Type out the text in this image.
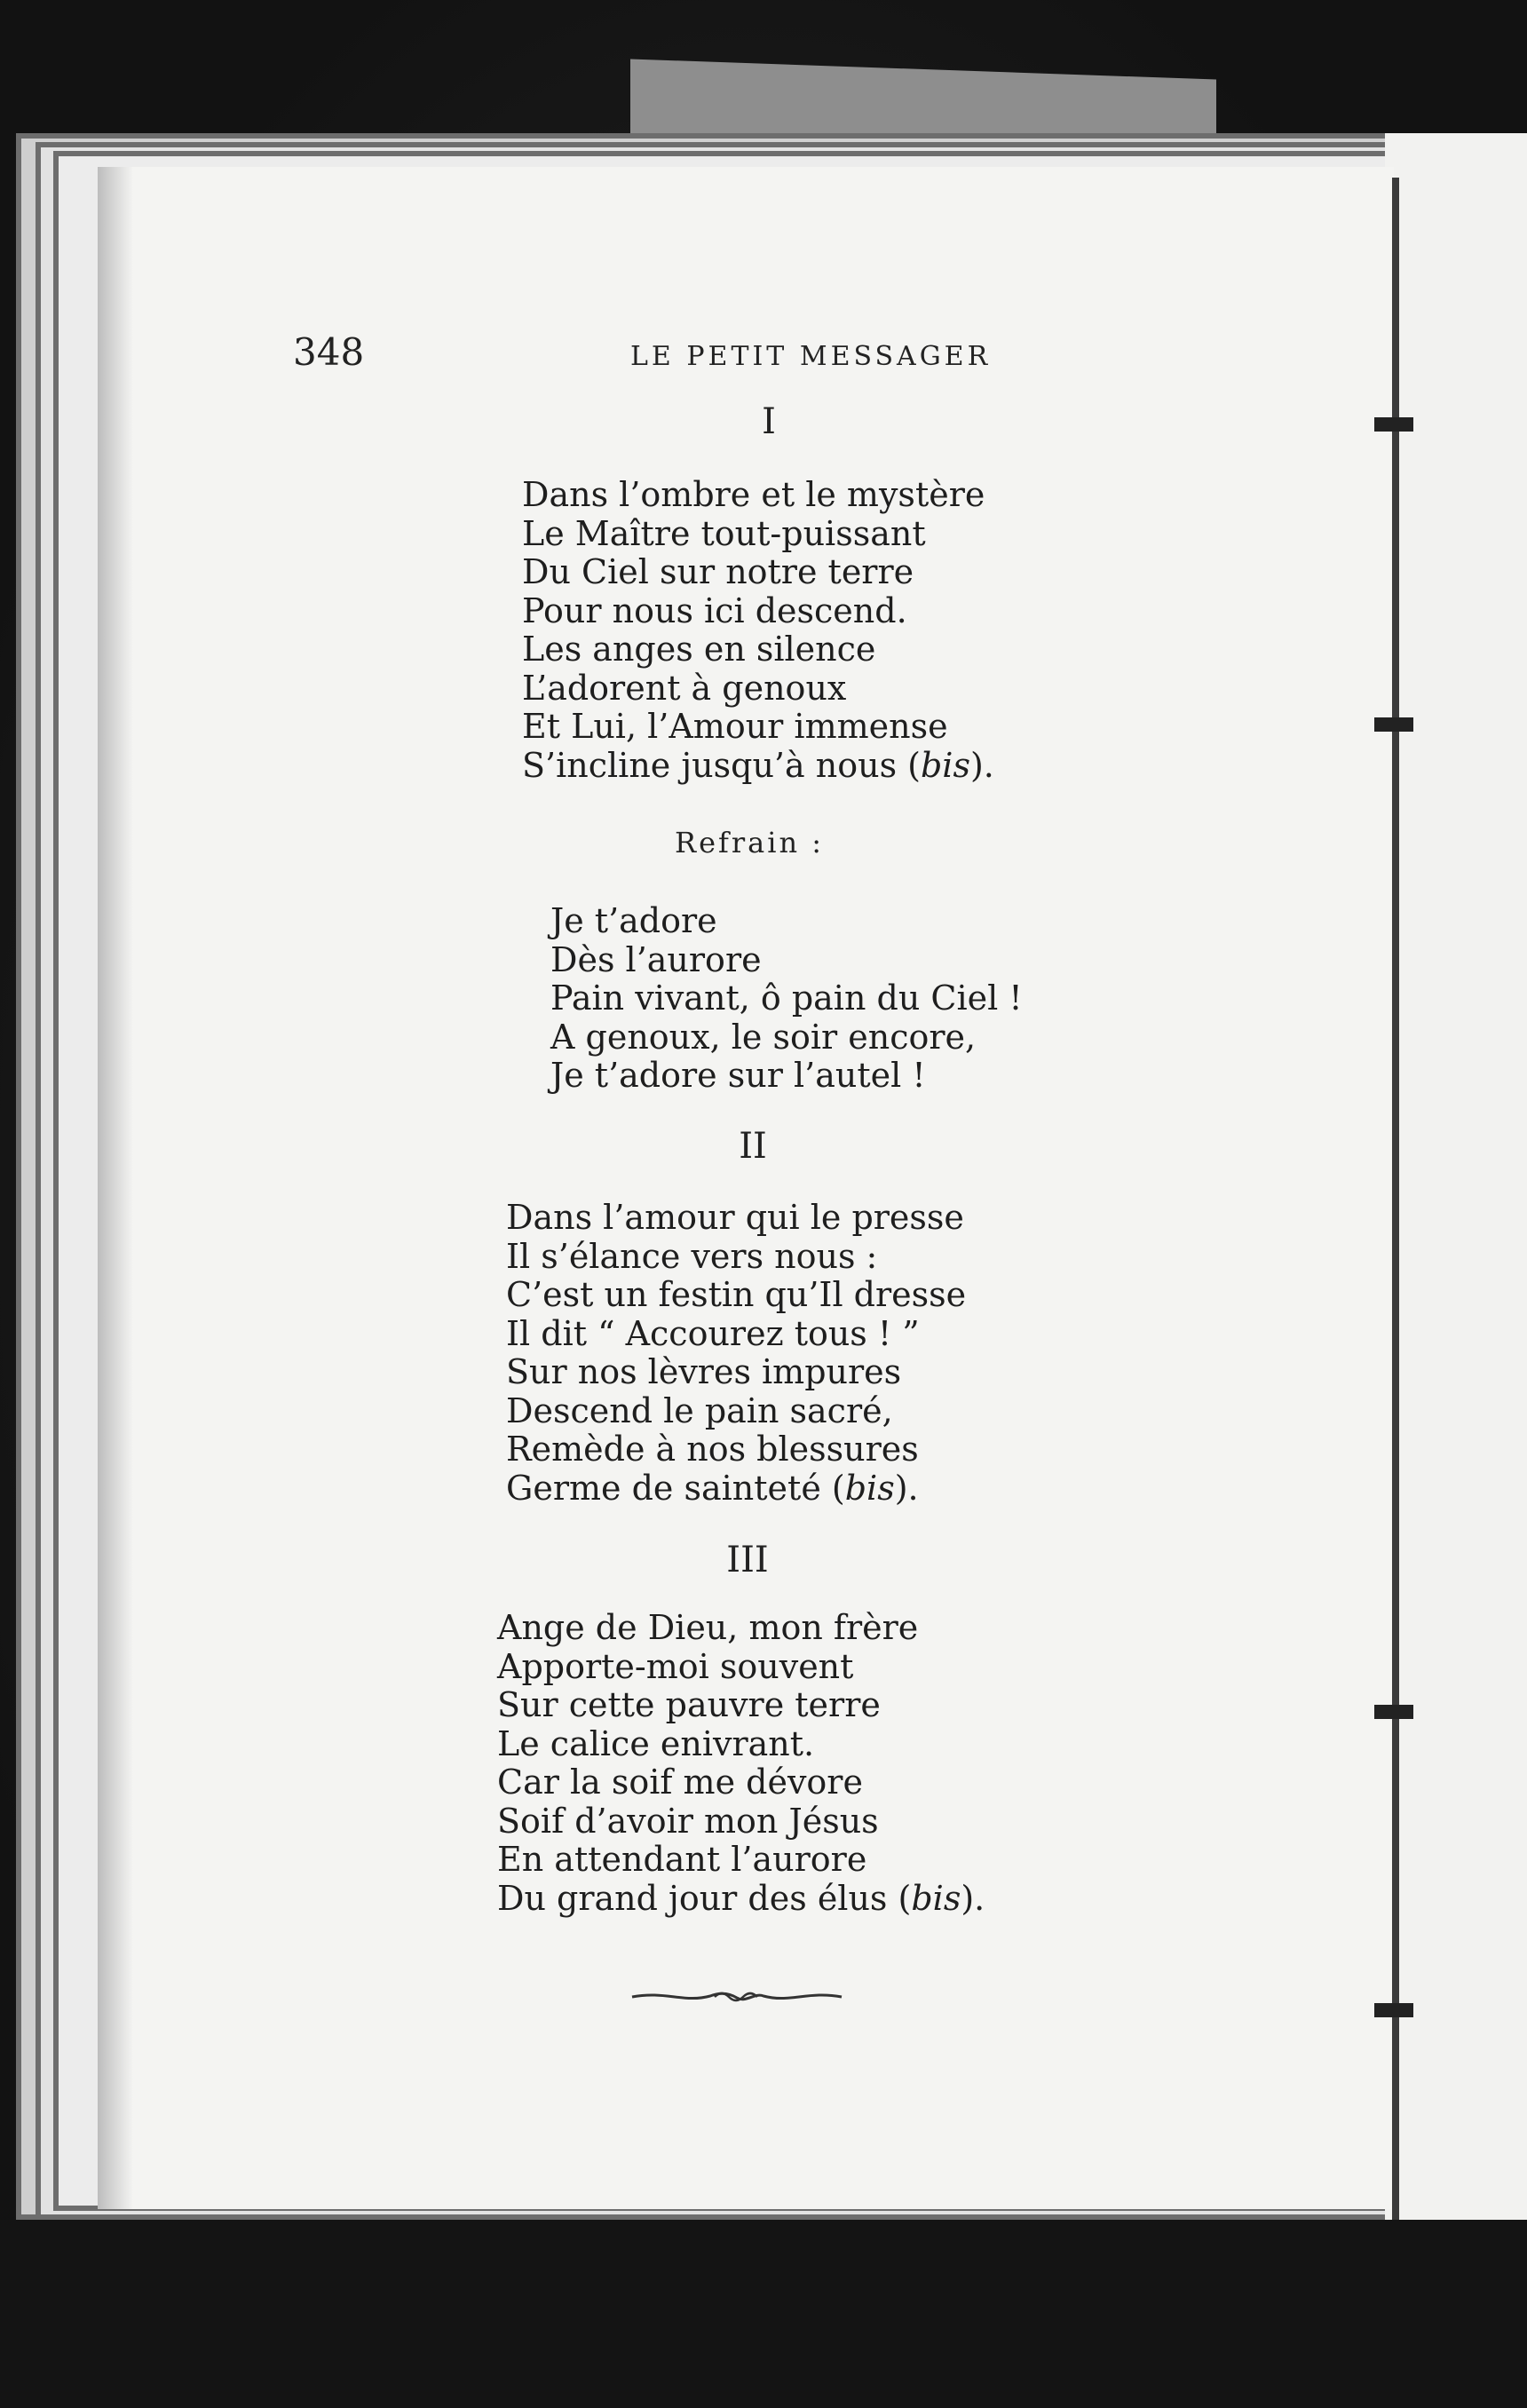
348	LE PETIT MESSAGER
I
Dans l’ombre et le mystère
Le Maître tout-puissant
Du Ciel sur notre terre
Pour nous ici descend.
Les anges en silence
L’adorent à genoux
Et Lui, l’Amour immense
S’incline jusqu’à nous (bis).
Refrain :
Je t’adore
Dès l’aurore
Pain vivant, ô pain du Ciel !
A genoux, le soir encore,
Je t’adore sur l’autel !
II
Dans l’amour qui le presse
Il s’élance vers nous :
C’est un festin qu’Il dresse
Il dit “ Accourez tous ! ”
Sur nos lèvres impures
Descend le pain sacré,
Remède à nos blessures
Germe de sainteté (bis).
III
Ange de Dieu, mon frère
Apporte-moi souvent
Sur cette pauvre terre
Le calice enivrant.
Car la soif me dévore
Soif d’avoir mon Jésus
En attendant l’aurore
Du grand jour des élus (bis).
